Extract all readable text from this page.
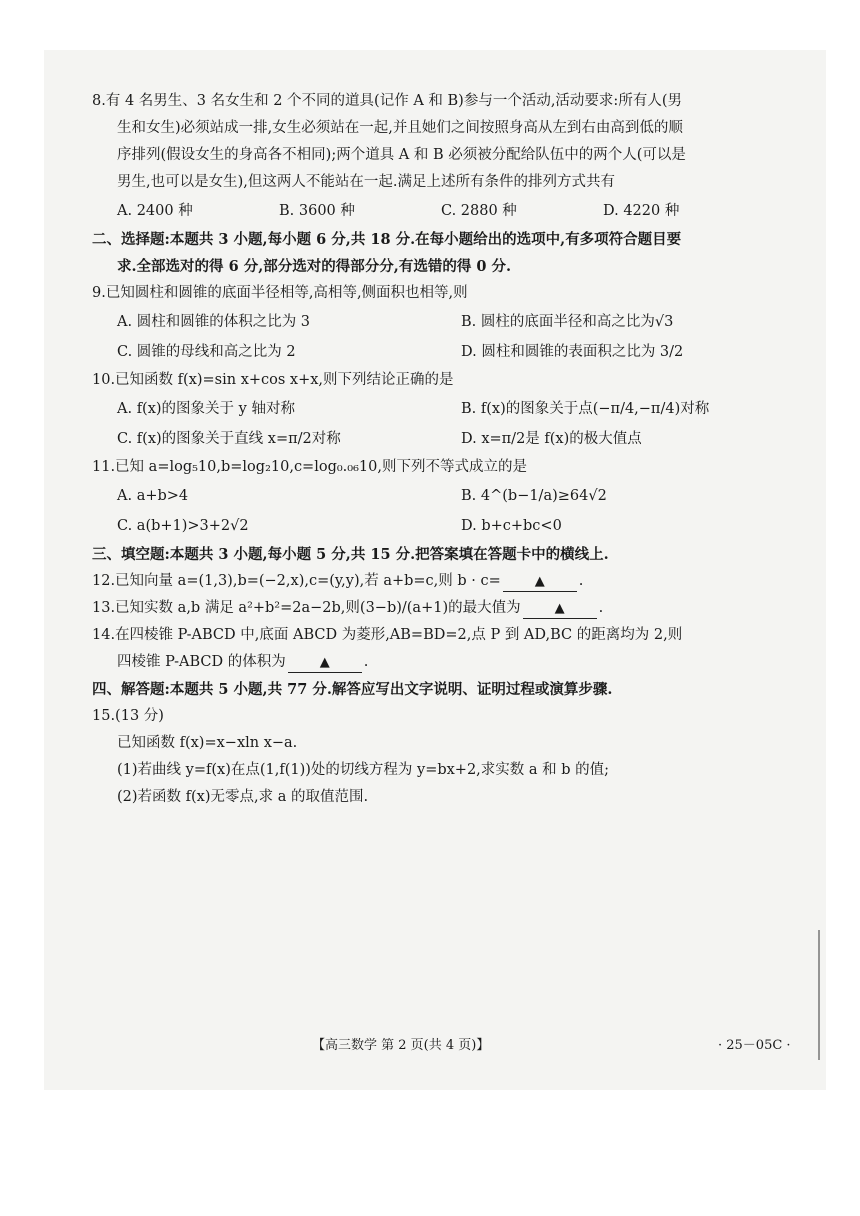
8.有 4 名男生、3 名女生和 2 个不同的道具(记作 A 和 B)参与一个活动,活动要求:所有人(男

生和女生)必须站成一排,女生必须站在一起,并且她们之间按照身高从左到右由高到低的顺

序排列(假设女生的身高各不相同);两个道具 A 和 B 必须被分配给队伍中的两个人(可以是

男生,也可以是女生),但这两人不能站在一起.满足上述所有条件的排列方式共有

A. 2400 种	B. 3600 种	C. 2880 种	D. 4220 种

二、选择题:本题共 3 小题,每小题 6 分,共 18 分.在每小题给出的选项中,有多项符合题目要

求.全部选对的得 6 分,部分选对的得部分分,有选错的得 0 分.

9.已知圆柱和圆锥的底面半径相等,高相等,侧面积也相等,则

A. 圆柱和圆锥的体积之比为 3	B. 圆柱的底面半径和高之比为√3
C. 圆锥的母线和高之比为 2	D. 圆柱和圆锥的表面积之比为 3/2

10.已知函数 f(x)=sin x+cos x+x,则下列结论正确的是

A. f(x)的图象关于 y 轴对称	B. f(x)的图象关于点(−π/4,−π/4)对称
C. f(x)的图象关于直线 x=π/2对称	D. x=π/2是 f(x)的极大值点

11.已知 a=log₅10,b=log₂10,c=log₀.₀₆10,则下列不等式成立的是

A. a+b>4	B. 4^(b−1/a)≥64√2
C. a(b+1)>3+2√2	D. b+c+bc<0

三、填空题:本题共 3 小题,每小题 5 分,共 15 分.把答案填在答题卡中的横线上.

12.已知向量 a=(1,3),b=(−2,x),c=(y,y),若 a+b=c,则 b · c=	▲ .

13.已知实数 a,b 满足 a²+b²=2a−2b,则(3−b)/(a+1)的最大值为	▲ .

14.在四棱锥 P-ABCD 中,底面 ABCD 为菱形,AB=BD=2,点 P 到 AD,BC 的距离均为 2,则

四棱锥 P-ABCD 的体积为	▲ .

四、解答题:本题共 5 小题,共 77 分.解答应写出文字说明、证明过程或演算步骤.

15.(13 分)

已知函数 f(x)=x−xln x−a.

(1)若曲线 y=f(x)在点(1,f(1))处的切线方程为 y=bx+2,求实数 a 和 b 的值;

(2)若函数 f(x)无零点,求 a 的取值范围.

【高三数学 第 2 页(共 4 页)】	· 25－05C ·
